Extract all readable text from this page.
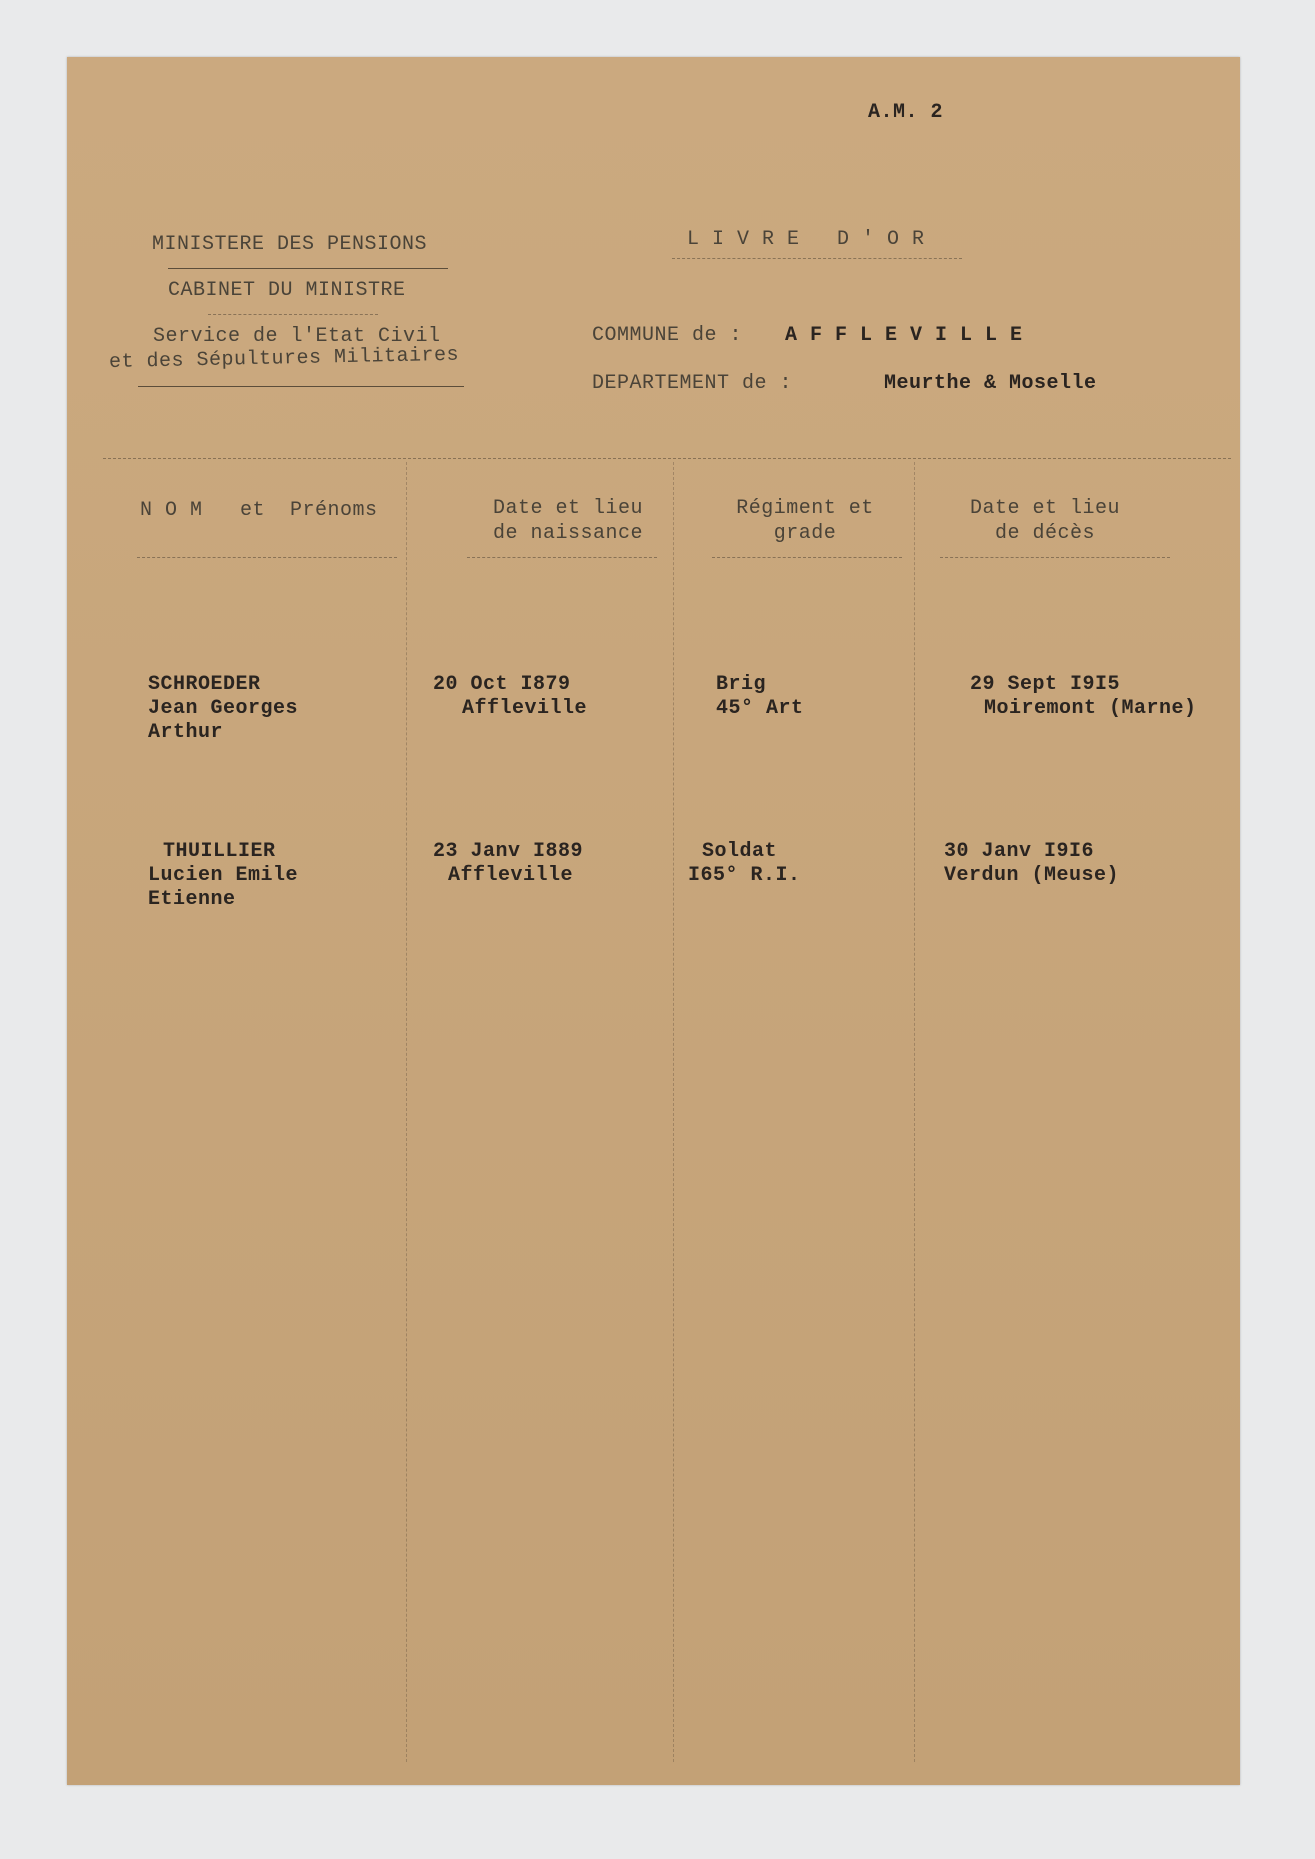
A.M. 2
MINISTERE DES PENSIONS
CABINET DU MINISTRE
Service de l'Etat Civil
et des Sépultures Militaires
L I V R E   D ' O R
COMMUNE de : A F F L E V I L L E
DEPARTEMENT de :	Meurthe & Moselle
N O M   et  Prénoms	Date et lieu
de naissance
Régiment et
grade
Date et lieu
de décès
SCHROEDER
Jean Georges
Arthur
20 Oct I879
Affleville
Brig
45° Art
29 Sept I9I5
Moiremont (Marne)
THUILLIER
Lucien Emile
Etienne
23 Janv I889
Affleville
Soldat
I65° R.I.
30 Janv I9I6
Verdun (Meuse)
